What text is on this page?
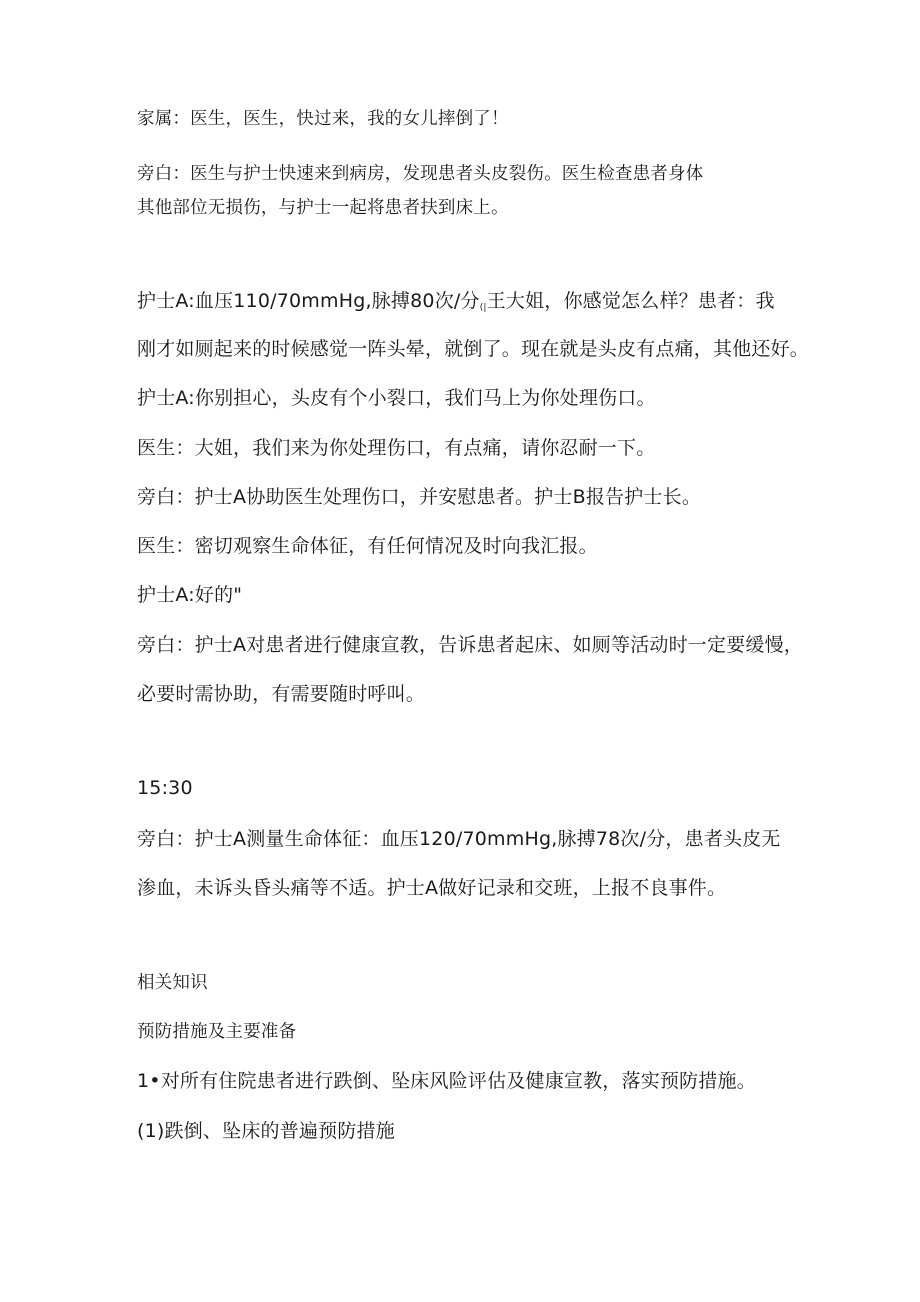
家属：医生，医生，快过来，我的女儿摔倒了！
旁白：医生与护士快速来到病房，发现患者头皮裂伤。医生检查患者身体
其他部位无损伤，与护士一起将患者扶到床上。
护士A:血压110/70mmHg,脉搏80次/分$_{(|}$王大姐，你感觉怎么样？患者：我
刚才如厕起来的时候感觉一阵头晕，就倒了。现在就是头皮有点痛，其他还好。
护士A:你别担心，头皮有个小裂口，我们马上为你处理伤口。
医生：大姐，我们来为你处理伤口，有点痛，请你忍耐一下。
旁白：护士A协助医生处理伤口，并安慰患者。护士B报告护士长。
医生：密切观察生命体征，有任何情况及时向我汇报。
护士A:好的"
旁白：护士A对患者进行健康宣教，告诉患者起床、如厕等活动时一定要缓慢，
必要时需协助，有需要随时呼叫。
15:30
旁白：护士A测量生命体征：血压120/70mmHg,脉搏78次/分，患者头皮无
渗血，未诉头昏头痛等不适。护士A做好记录和交班，上报不良事件。
相关知识
预防措施及主要准备
1•对所有住院患者进行跌倒、坠床风险评估及健康宣教，落实预防措施。
(1)跌倒、坠床的普遍预防措施
